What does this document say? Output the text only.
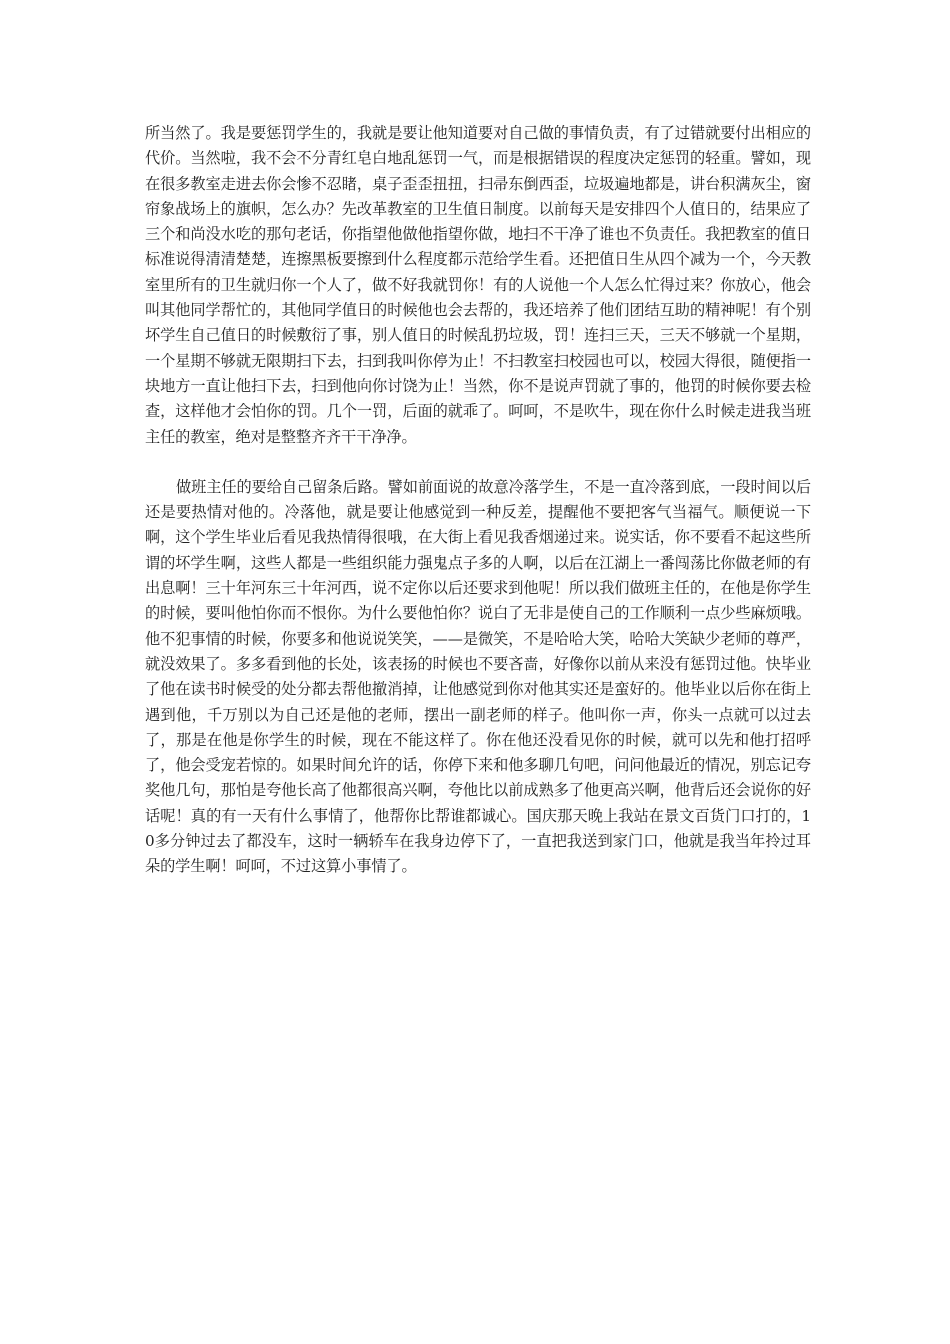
所当然了。我是要惩罚学生的，我就是要让他知道要对自己做的事情负责，有了过错就要付出相应的代价。当然啦，我不会不分青红皂白地乱惩罚一气，而是根据错误的程度决定惩罚的轻重。譬如，现在很多教室走进去你会惨不忍睹，桌子歪歪扭扭，扫帚东倒西歪，垃圾遍地都是，讲台积满灰尘，窗帘象战场上的旗帜，怎么办？先改革教室的卫生值日制度。以前每天是安排四个人值日的，结果应了三个和尚没水吃的那句老话，你指望他做他指望你做，地扫不干净了谁也不负责任。我把教室的值日标准说得清清楚楚，连擦黑板要擦到什么程度都示范给学生看。还把值日生从四个减为一个，今天教室里所有的卫生就归你一个人了，做不好我就罚你！有的人说他一个人怎么忙得过来？你放心，他会叫其他同学帮忙的，其他同学值日的时候他也会去帮的，我还培养了他们团结互助的精神呢！有个别坏学生自己值日的时候敷衍了事，别人值日的时候乱扔垃圾，罚！连扫三天，三天不够就一个星期，一个星期不够就无限期扫下去，扫到我叫你停为止！不扫教室扫校园也可以，校园大得很，随便指一块地方一直让他扫下去，扫到他向你讨饶为止！当然，你不是说声罚就了事的，他罚的时候你要去检查，这样他才会怕你的罚。几个一罚，后面的就乖了。呵呵，不是吹牛，现在你什么时候走进我当班主任的教室，绝对是整整齐齐干干净净。

做班主任的要给自己留条后路。譬如前面说的故意冷落学生，不是一直冷落到底，一段时间以后还是要热情对他的。冷落他，就是要让他感觉到一种反差，提醒他不要把客气当福气。顺便说一下啊，这个学生毕业后看见我热情得很哦，在大街上看见我香烟递过来。说实话，你不要看不起这些所谓的坏学生啊，这些人都是一些组织能力强鬼点子多的人啊，以后在江湖上一番闯荡比你做老师的有出息啊！三十年河东三十年河西，说不定你以后还要求到他呢！所以我们做班主任的，在他是你学生的时候，要叫他怕你而不恨你。为什么要他怕你？说白了无非是使自己的工作顺利一点少些麻烦哦。他不犯事情的时候，你要多和他说说笑笑，——是微笑，不是哈哈大笑，哈哈大笑缺少老师的尊严，就没效果了。多多看到他的长处，该表扬的时候也不要吝啬，好像你以前从来没有惩罚过他。快毕业了他在读书时候受的处分都去帮他撤消掉，让他感觉到你对他其实还是蛮好的。他毕业以后你在街上遇到他，千万别以为自己还是他的老师，摆出一副老师的样子。他叫你一声，你头一点就可以过去了，那是在他是你学生的时候，现在不能这样了。你在他还没看见你的时候，就可以先和他打招呼了，他会受宠若惊的。如果时间允许的话，你停下来和他多聊几句吧，问问他最近的情况，别忘记夸奖他几句，那怕是夸他长高了他都很高兴啊，夸他比以前成熟多了他更高兴啊，他背后还会说你的好话呢！真的有一天有什么事情了，他帮你比帮谁都诚心。国庆那天晚上我站在景文百货门口打的，10多分钟过去了都没车，这时一辆轿车在我身边停下了，一直把我送到家门口，他就是我当年拎过耳朵的学生啊！呵呵，不过这算小事情了。
